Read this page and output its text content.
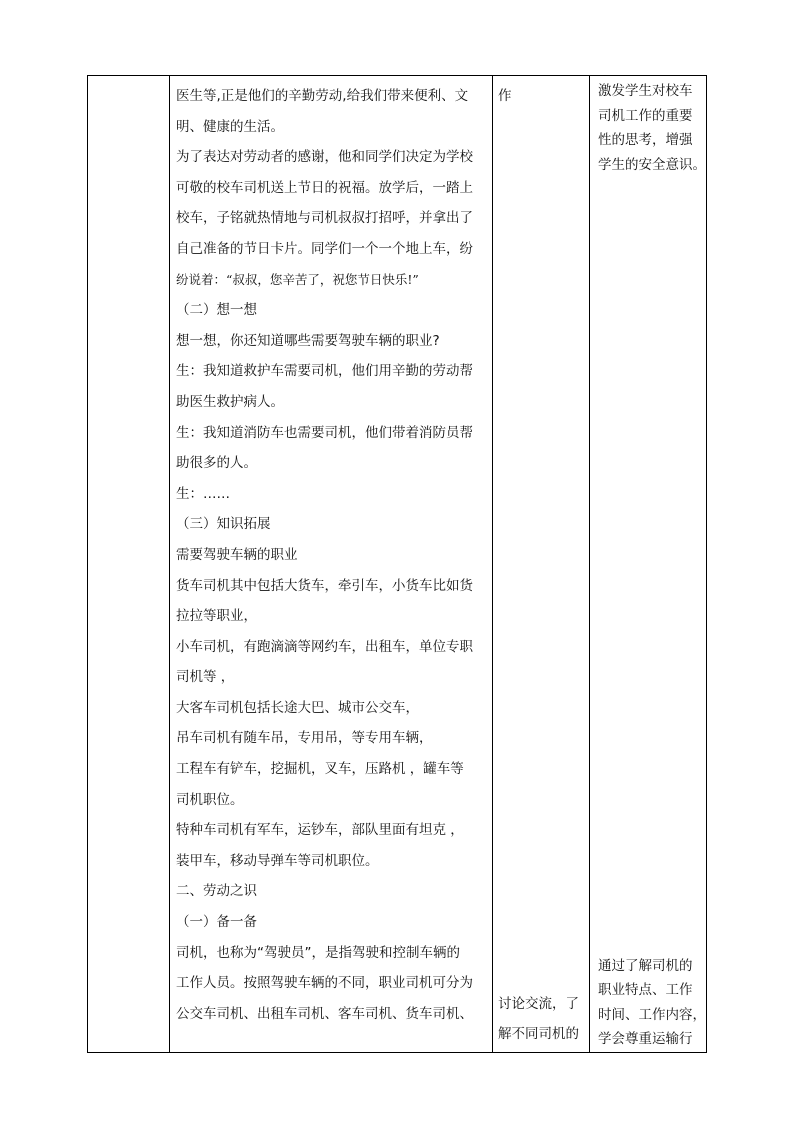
医生等,正是他们的辛勤劳动,给我们带来便利、文
明、健康的生活。
为了表达对劳动者的感谢，他和同学们决定为学校
可敬的校车司机送上节日的祝福。放学后，一踏上
校车，子铭就热情地与司机叔叔打招呼，并拿出了
自己准备的节日卡片。同学们一个一个地上车，纷
纷说着：“叔叔，您辛苦了，祝您节日快乐!”
（二）想一想
想一想，你还知道哪些需要驾驶车辆的职业?
生：我知道救护车需要司机，他们用辛勤的劳动帮
助医生救护病人。
生：我知道消防车也需要司机，他们带着消防员帮
助很多的人。
生：……
（三）知识拓展
需要驾驶车辆的职业
货车司机其中包括大货车，牵引车，小货车比如货
拉拉等职业，
小车司机，有跑滴滴等网约车，出租车，单位专职
司机等 ，
大客车司机包括长途大巴、城市公交车，
吊车司机有随车吊，专用吊，等专用车辆，
工程车有铲车，挖掘机，叉车，压路机 ，罐车等
司机职位。
特种车司机有军车，运钞车，部队里面有坦克 ，
装甲车，移动导弹车等司机职位。
二、劳动之识
（一）备一备
司机，也称为“驾驶员”，是指驾驶和控制车辆的
工作人员。按照驾驶车辆的不同，职业司机可分为
公交车司机、出租车司机、客车司机、货车司机、
作
讨论交流，了
解不同司机的
激发学生对校车
司机工作的重要
性的思考，增强
学生的安全意识。
通过了解司机的
职业特点、工作
时间、工作内容，
学会尊重运输行
